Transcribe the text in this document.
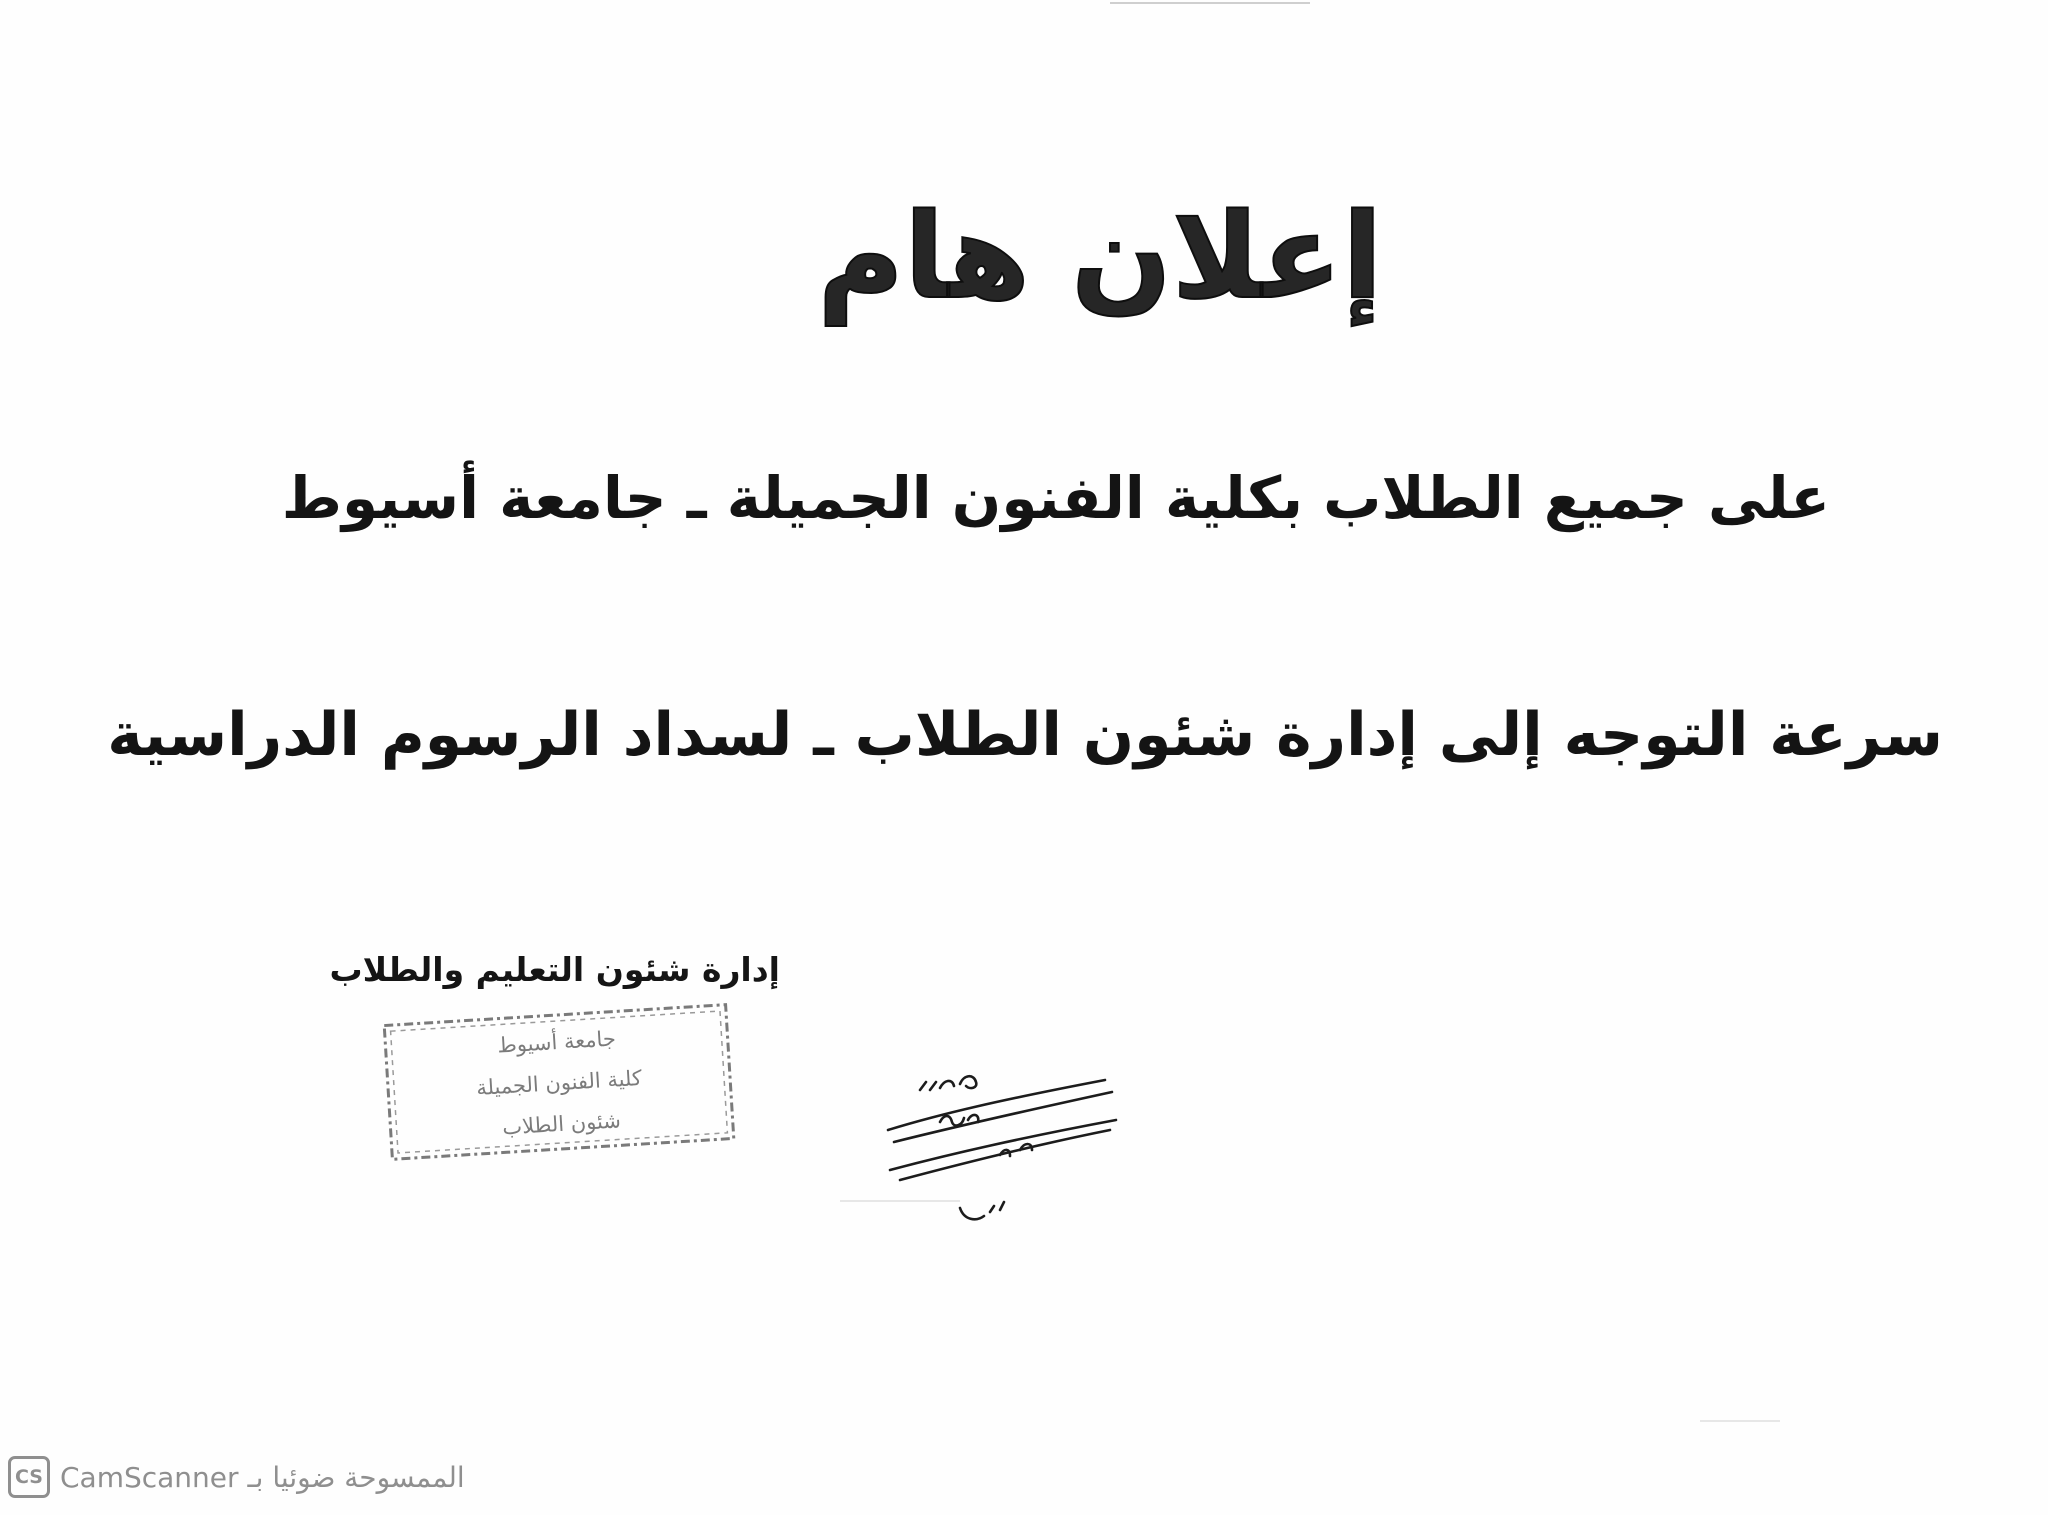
إعلان هام
على جميع الطلاب بكلية الفنون الجميلة ـ جامعة أسيوط
سرعة التوجه إلى إدارة شئون الطلاب ـ لسداد الرسوم الدراسية
إدارة شئون التعليم والطلاب
جامعة أسيوط
كلية الفنون الجميلة
شئون الطلاب
CS الممسوحة ضوئيا بـ CamScanner
